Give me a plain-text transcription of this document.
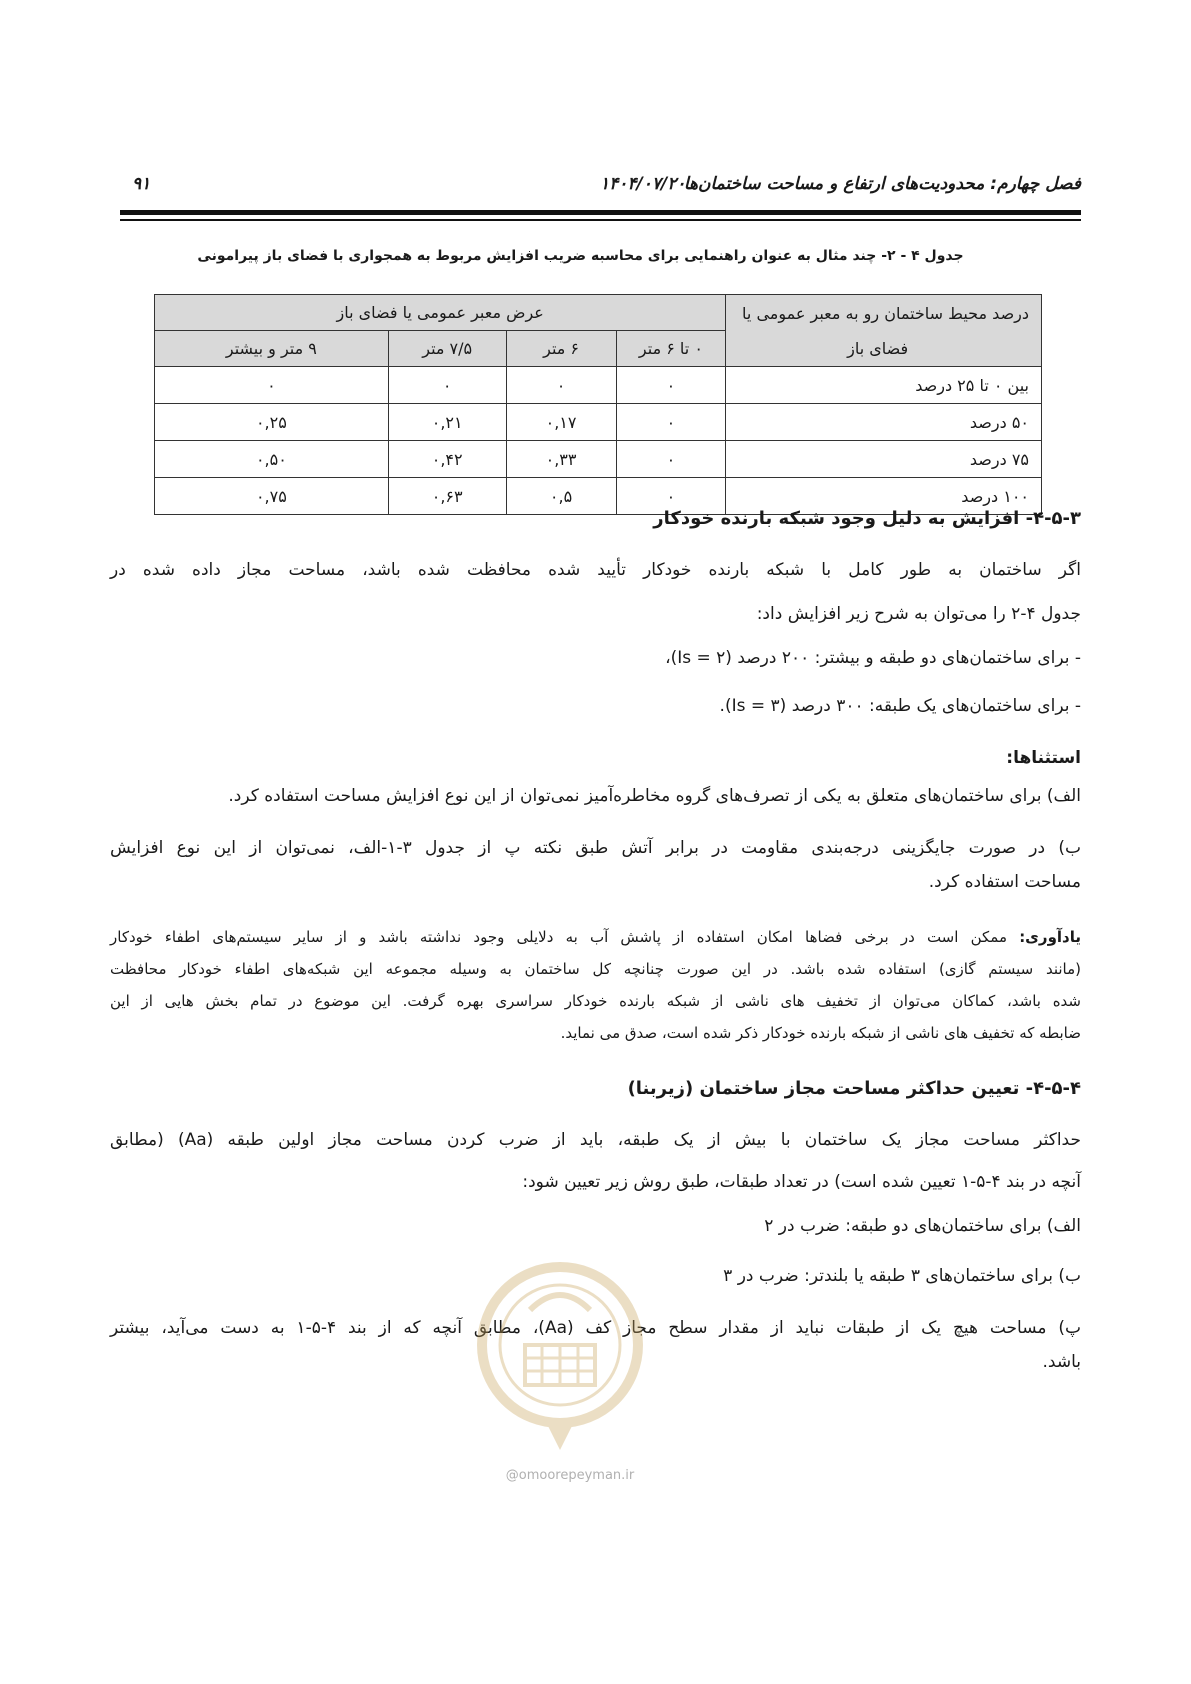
فصل چهارم: محدودیت‌های ارتفاع و مساحت ساختمان‌ها
۱۴۰۴/۰۷/۲۰
۹۱
جدول ۴ - ۲- چند مثال به عنوان راهنمایی برای محاسبه ضریب افزایش مربوط به همجواری با فضای باز پیرامونی
درصد محیط ساختمان رو به معبر عمومی یا
فضای باز	عرض معبر عمومی یا فضای باز			
	۰ تا ۶ متر	۶ متر	۷/۵ متر	۹ متر و بیشتر
بین ۰ تا ۲۵ درصد	۰	۰	۰	۰
۵۰ درصد	۰	۰,۱۷	۰,۲۱	۰,۲۵
۷۵ درصد	۰	۰,۳۳	۰,۴۲	۰,۵۰
۱۰۰ درصد	۰	۰,۵	۰,۶۳	۰,۷۵
۴-۵-۳- افزایش به دلیل وجود شبکه بارنده خودکار
اگر ساختمان به طور کامل با شبکه بارنده خودکار تأیید شده محافظت شده باشد، مساحت مجاز داده شده در
جدول ۴-۲ را می‌توان به شرح زیر افزایش داد:
- برای ساختمان‌های دو طبقه و بیشتر: ۲۰۰ درصد (Is = ۲)،
- برای ساختمان‌های یک طبقه: ۳۰۰ درصد (Is = ۳).
استثناها:
الف) برای ساختمان‌های متعلق به یکی از تصرف‌های گروه مخاطره‌آمیز نمی‌توان از این نوع افزایش مساحت استفاده کرد.
ب) در صورت جایگزینی درجه‌بندی مقاومت در برابر آتش طبق نکته پ از جدول ۳-۱-الف، نمی‌توان از این نوع افزایش
مساحت استفاده کرد.
یادآوری: ممکن است در برخی فضاها امکان استفاده از پاشش آب به دلایلی وجود نداشته باشد و از سایر سیستم‌های اطفاء خودکار
(مانند سیستم گازی) استفاده شده باشد. در این صورت چنانچه کل ساختمان به وسیله مجموعه این شبکه‌های اطفاء خودکار محافظت
شده باشد، کماکان می‌توان از تخفیف های ناشی از شبکه بارنده خودکار سراسری بهره گرفت. این موضوع در تمام بخش هایی از این
ضابطه که تخفیف های ناشی از شبکه بارنده خودکار ذکر شده است، صدق می نماید.
۴-۵-۴- تعیین حداکثر مساحت مجاز ساختمان (زیربنا)
حداکثر مساحت مجاز یک ساختمان با بیش از یک طبقه، باید از ضرب کردن مساحت مجاز اولین طبقه (Aa) (مطابق
آنچه در بند ۴-۵-۱ تعیین شده است) در تعداد طبقات، طبق روش زیر تعیین شود:
الف) برای ساختمان‌های دو طبقه: ضرب در ۲
ب) برای ساختمان‌های ۳ طبقه یا بلندتر: ضرب در ۳
پ) مساحت هیچ یک از طبقات نباید از مقدار سطح مجاز کف (Aa)، مطابق آنچه که از بند ۴-۵-۱ به دست می‌آید، بیشتر
باشد.
@omoorepeyman.ir
